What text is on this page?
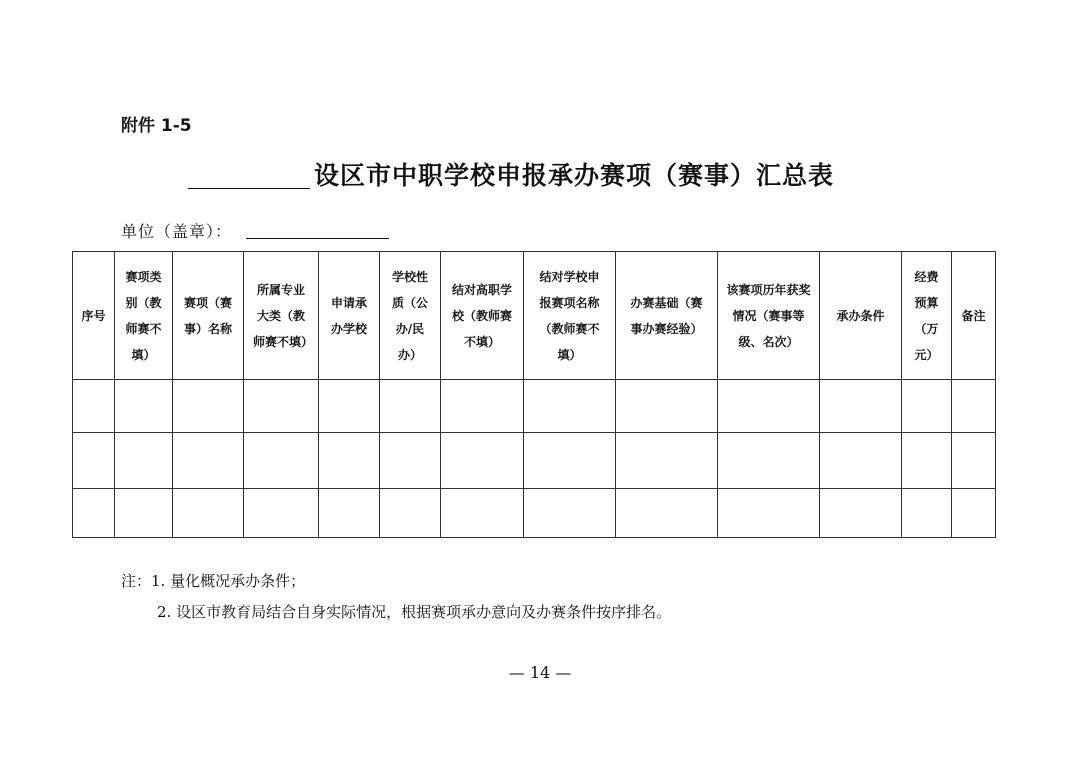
附件 1-5
设区市中职学校申报承办赛项（赛事）汇总表
单位（盖章）：
序号	赛项类别（教师赛不填）	赛项（赛事）名称	所属专业大类（教师赛不填）	申请承办学校	学校性质（公办/民办）	结对高职学校（教师赛不填）	结对学校申报赛项名称（教师赛不填）	办赛基础（赛事办赛经验）	该赛项历年获奖情况（赛事等级、名次）	承办条件	经费预算（万元）	备注

注：1. 量化概况承办条件；
2. 设区市教育局结合自身实际情况，根据赛项承办意向及办赛条件按序排名。
— 14 —
